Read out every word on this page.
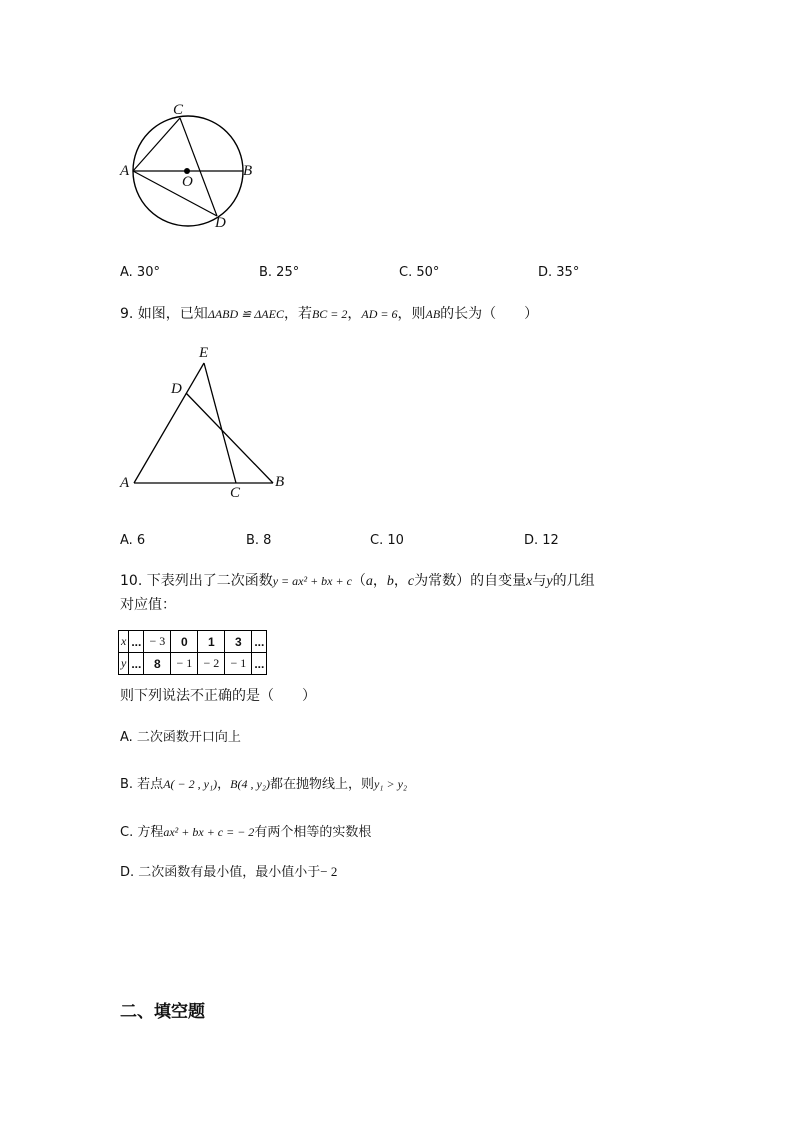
C
A
O
B
D
A. 30°	B. 25°	C. 50°	D. 35°
9. 如图，已知ΔABD ≌ ΔAEC，若BC = 2，AD = 6，则AB的长为（　　）
E
D
A
C
B
A. 6	B. 8	C. 10	D. 12
10. 下表列出了二次函数y = ax² + bx + c（a，b，c为常数）的自变量x与y的几组
对应值：
x	...	− 3	0	1	3	...
y	...	8	− 1	− 2	− 1	...
则下列说法不正确的是（　　）
A. 二次函数开口向上
B. 若点A( − 2 , y₁)，B(4 , y₂)都在抛物线上，则y₁ > y₂
C. 方程ax² + bx + c = − 2有两个相等的实数根
D. 二次函数有最小值，最小值小于− 2
二、填空题
